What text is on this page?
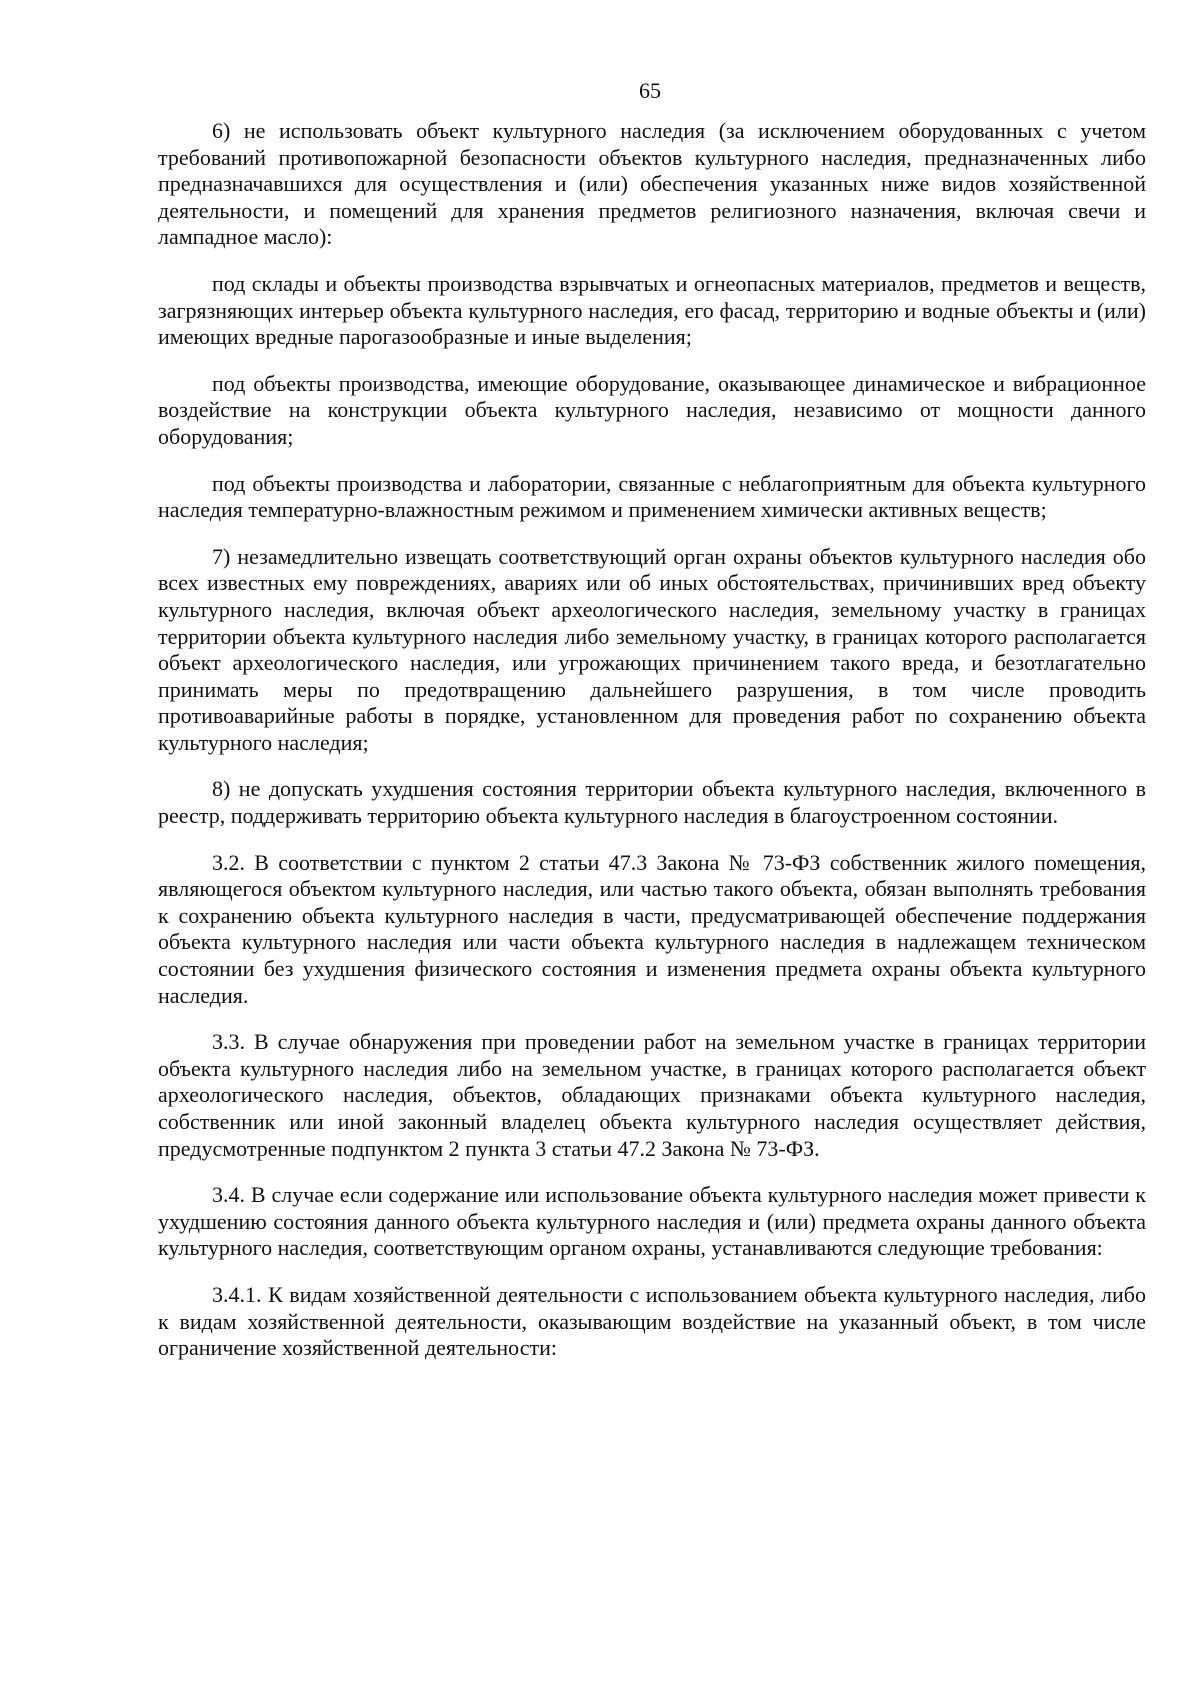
65

6) не использовать объект культурного наследия (за исключением оборудованных с учетом требований противопожарной безопасности объектов культурного наследия, предназначенных либо предназначавшихся для осуществления и (или) обеспечения указанных ниже видов хозяйственной деятельности, и помещений для хранения предметов религиозного назначения, включая свечи и лампадное масло):

под склады и объекты производства взрывчатых и огнеопасных материалов, предметов и веществ, загрязняющих интерьер объекта культурного наследия, его фасад, территорию и водные объекты и (или) имеющих вредные парогазообразные и иные выделения;

под объекты производства, имеющие оборудование, оказывающее динамическое и вибрационное воздействие на конструкции объекта культурного наследия, независимо от мощности данного оборудования;

под объекты производства и лаборатории, связанные с неблагоприятным для объекта культурного наследия температурно-влажностным режимом и применением химически активных веществ;

7) незамедлительно извещать соответствующий орган охраны объектов культурного наследия обо всех известных ему повреждениях, авариях или об иных обстоятельствах, причинивших вред объекту культурного наследия, включая объект археологического наследия, земельному участку в границах территории объекта культурного наследия либо земельному участку, в границах которого располагается объект археологического наследия, или угрожающих причинением такого вреда, и безотлагательно принимать меры по предотвращению дальнейшего разрушения, в том числе проводить противоаварийные работы в порядке, установленном для проведения работ по сохранению объекта культурного наследия;

8) не допускать ухудшения состояния территории объекта культурного наследия, включенного в реестр, поддерживать территорию объекта культурного наследия в благоустроенном состоянии.

3.2. В соответствии с пунктом 2 статьи 47.3 Закона № 73-ФЗ собственник жилого помещения, являющегося объектом культурного наследия, или частью такого объекта, обязан выполнять требования к сохранению объекта культурного наследия в части, предусматривающей обеспечение поддержания объекта культурного наследия или части объекта культурного наследия в надлежащем техническом состоянии без ухудшения физического состояния и изменения предмета охраны объекта культурного наследия.

3.3. В случае обнаружения при проведении работ на земельном участке в границах территории объекта культурного наследия либо на земельном участке, в границах которого располагается объект археологического наследия, объектов, обладающих признаками объекта культурного наследия, собственник или иной законный владелец объекта культурного наследия осуществляет действия, предусмотренные подпунктом 2 пункта 3 статьи 47.2 Закона № 73-ФЗ.

3.4. В случае если содержание или использование объекта культурного наследия может привести к ухудшению состояния данного объекта культурного наследия и (или) предмета охраны данного объекта культурного наследия, соответствующим органом охраны, устанавливаются следующие требования:

3.4.1. К видам хозяйственной деятельности с использованием объекта культурного наследия, либо к видам хозяйственной деятельности, оказывающим воздействие на указанный объект, в том числе ограничение хозяйственной деятельности:
